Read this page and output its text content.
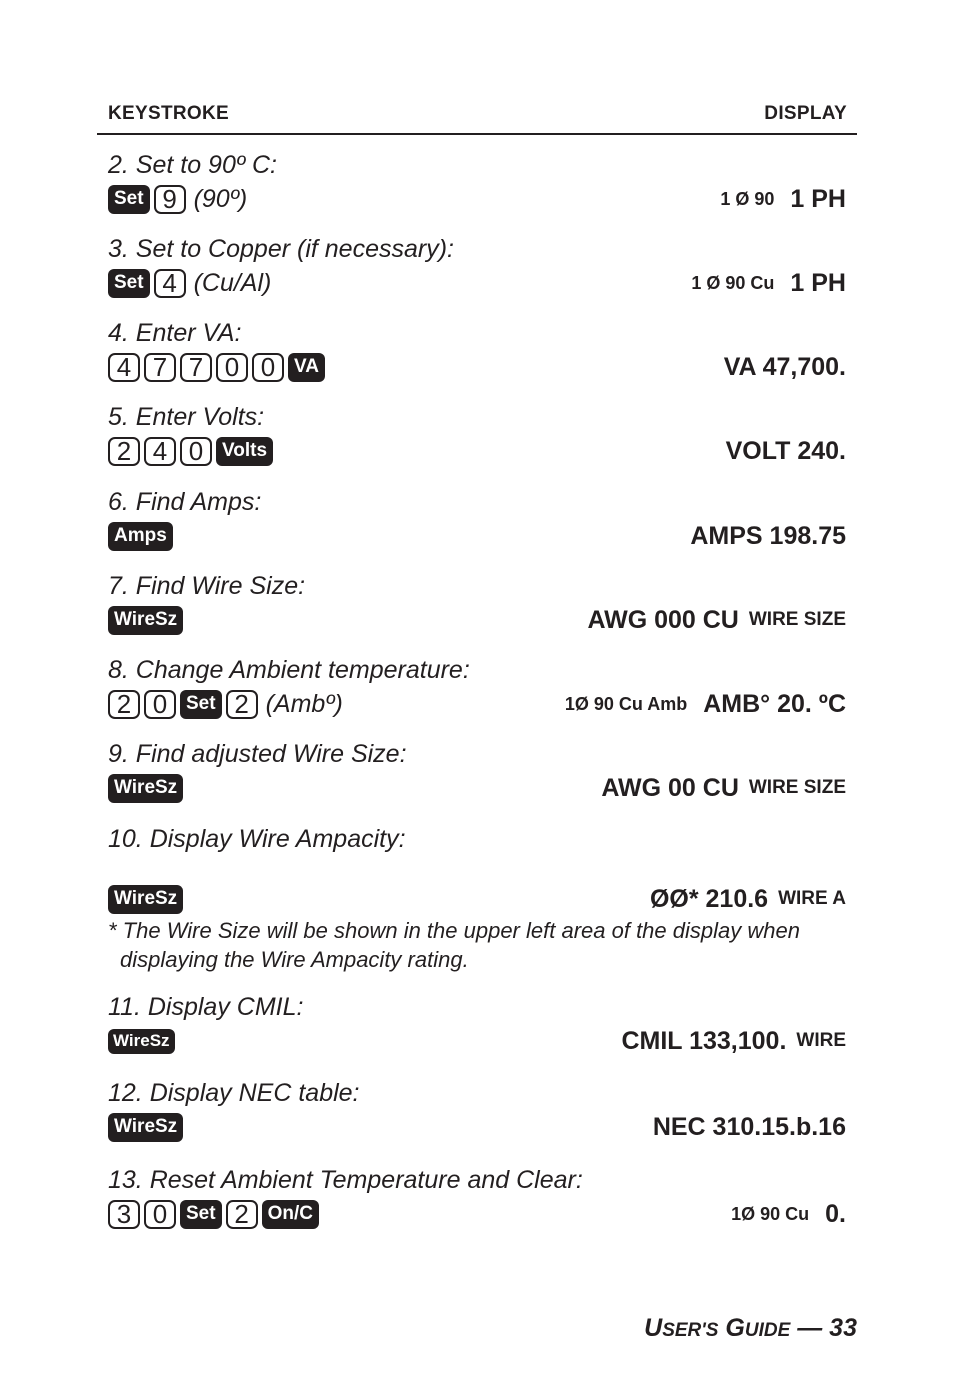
KEYSTROKE	DISPLAY
2. Set to 90º C:
Set 9 (90º)	1 Ø 90 1 PH
3. Set to Copper (if necessary):
Set 4 (Cu/Al)	1 Ø 90 Cu 1 PH
4. Enter VA:
4 7 7 0 0 VA	VA 47,700.
5. Enter Volts:
2 4 0 Volts	VOLT 240.
6. Find Amps:
Amps	AMPS 198.75
7. Find Wire Size:
WireSz	AWG 000 CU WIRE SIZE
8. Change Ambient temperature:
2 0 Set 2 (Ambº)	1Ø 90 Cu Amb AMB° 20. ºC
9. Find adjusted Wire Size:
WireSz	AWG 00 CU WIRE SIZE
10. Display Wire Ampacity:
WireSz	ØØ* 210.6 WIRE A
11. Display CMIL:
WireSz	CMIL 133,100. WIRE
12. Display NEC table:
WireSz	NEC 310.15.b.16
13. Reset Ambient Temperature and Clear:
3 0 Set 2 On/C	1Ø 90 Cu 0.
* The Wire Size will be shown in the upper left area of the display when
displaying the Wire Ampacity rating.
USER'S GUIDE — 33
